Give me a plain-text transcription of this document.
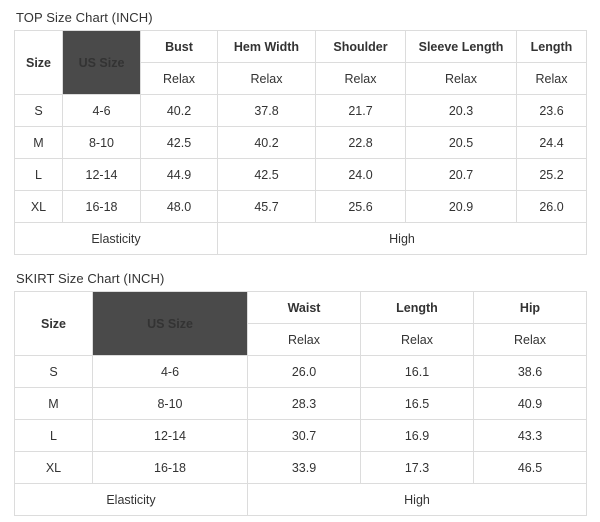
TOP Size Chart (INCH)
Size	US Size	Bust	Hem Width	Shoulder	Sleeve Length	Length
		Relax	Relax	Relax	Relax	Relax
S	4-6	40.2	37.8	21.7	20.3	23.6
M	8-10	42.5	40.2	22.8	20.5	24.4
L	12-14	44.9	42.5	24.0	20.7	25.2
XL	16-18	48.0	45.7	25.6	20.9	26.0
Elasticity			High			
SKIRT Size Chart (INCH)
Size	US Size	Waist	Length	Hip
		Relax	Relax	Relax
S	4-6	26.0	16.1	38.6
M	8-10	28.3	16.5	40.9
L	12-14	30.7	16.9	43.3
XL	16-18	33.9	17.3	46.5
Elasticity		High		
